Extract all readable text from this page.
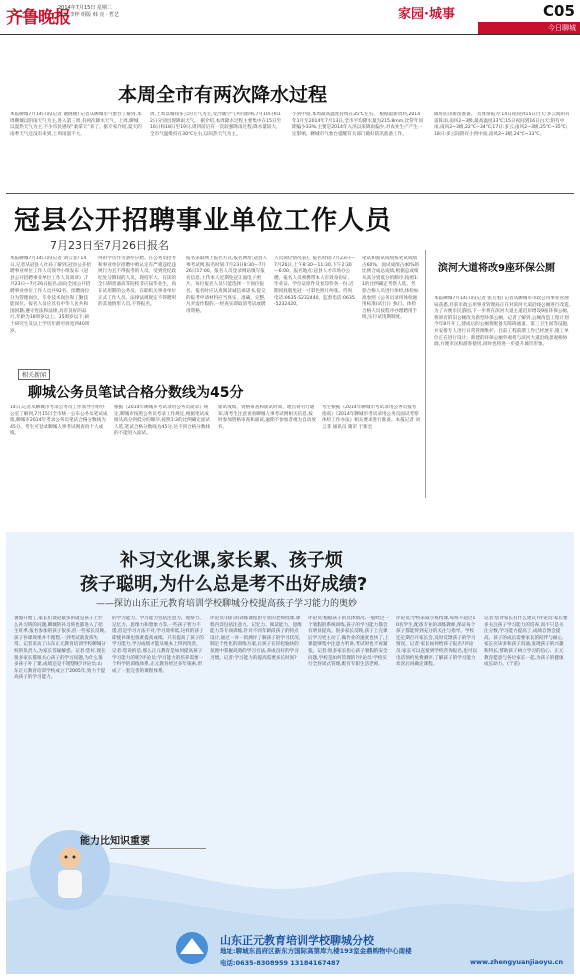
齐鲁晚报
2014年7月15日 星期二
编辑 李梓 组版 韩 亮 · 哲艺	家园·城事	C05
今日聊城
本周全市有两次降水过程
本报聊城7月14日讯(记者 谢晓丽) 记者从聊城市气象台了解到,本周聊城以阴雨天气为主,进入第三周,有两次降水天气。上周,聊城以湿热天气为主,不少市民感叹“桑拿天”来了。据专家介绍,夏天的雨季天气还没有来到,上周雨量不大,
周,上周以晴间多云的天气为主,受冷暖空气共同影响,7月10日和12日分别出现降雨天气。 据介绍,本周降水过程主要集中在15日至16日和18日至19日,周四前后有一次较强降雨过程,降水量较大,全市气温维持在30℃左右,以闷热天气为主。
小到中雨,本周最高温度持续在35℃左右。 根据最新资料,2014年1月至2014年7月13日,全市平均降水量为215.8mm,比常年同期偏少33%,主要是2014年入汛以来降雨偏少,对农业生产产生一定影响。聊城市气象台提醒有关部门做好防汛准备工作。
做好防汛排涝准备。 具体预报为:14日夜间到15日白天:多云间阴有雷阵雨,南风2~3级,最高温度33℃;15日夜间到16日白天:阴有中雨,南风2~3级,22℃~34℃;17日:多云,南风2~3级,25℃~35℃;18日:多云间阴有小到中雨,南风2~3级,24℃~33℃。
冠县公开招聘事业单位工作人员
7月23日至7月26日报名
本报聊城7月14日讯(记者 刘云菲) 14日,记者从冠县人社局了解到,冠县公开招聘事业单位工作人员领导小组发布《冠县公开招聘事业单位工作人员简章》,7月23日—7月26日报名,面向全国公开招聘事业单位工作人员共92名。招聘岗位分为管理岗位、专业技术岗位和工勤技能岗位。报名人员应具有中华人民共和国国籍,遵守宪法和法律,具有良好的品行,年龄为18周岁以上、35周岁以下,硕士研究生及以上学历年龄可放宽到40周岁。
得的学历作为条件应聘。在公务员招考和事业单位招聘中被认定有严重违纪违规行为且不得报考的人员、受到党纪政纪处分期间的人员、现役军人、在读的全日制普通高等院校非应届毕业生、尚在试用期的公务员、在职机关事业单位正式工作人员、法律法规规定不得聘用的其他情形人员,不得报名。
报名采取网上报名方式,报名网址:冠县人事考试网,报名时间:7月23日8:30—7月26日17:00。报名人员登录网站填写报名信息,上传本人近期免冠正面电子照片。每位报名人员只能选择一个岗位报名。报名时应认真阅读诚信承诺书,提交的报考申请材料应当真实、准确、完整,凡弄虚作假的,一经查实即取消考试或聘用资格。
人员岗位情况表)。报名时间:7月23日—7月26日,上午8:30—11:30,下午2:30—6:00。报名地点:冠县人才市场办公楼。报名人员须携带本人有效身份证、毕业证、学位证原件及复印件各一份,近期同底版免冠一寸彩色照片两张。咨询电话:0635-5232440。监督电话:0635-5232420。
笔试和面试成绩按笔试成绩占60%、面试成绩占40%的比例合成总成绩,根据总成绩从高分到低分的顺序,按照1:1的比例确定考察人选。考察合格人员进行体检,体检标准参照《公务员录用体检通用标准(试行)》执行。体检合格人员按程序办理聘用手续,实行试用期制度。
滨河大道将改9座环保公厕
本报聊城7月14日讯(记者 张召旭) 记者从聊城市市政公用事业管理局获悉,目前市政公用事业管理局正在对滨河大道沿线公厕进行改造,为了方便市民游园,下一步将在滨河大道主道沿岸增设9座环保公厕,将原有的旧公厕改为新型环保公厕。记者了解到,公厕改造工程计划今年8月开工,建成后的公厕将配备无障碍通道、第三卫生间等设施,并安排专人进行日常管理维护。目前工程前期工作已经展开,施工单位正在进行设计。新建的环保公厕外观将与滨河大道沿线景观相协调,方便市民和游客使用,同时也将进一步提升城市形象。
相关新闻
聊城公务员笔试合格分数线为45分
14日,记者从聊城市考录公务员工作领导小组办公室了解到,7月15日全市统一公布公务员笔试成绩,聊城市2014年考录公务员笔试合格分数线为45分。考生可登录聊城人事考试网查询个人成绩。
根据《2014年聊城市考试录用公务员简章》规定,聊城市按照公务员考录工作规定,根据笔试成绩从高分到低分的顺序,按照1:3的比例确定面试人选,笔试合格分数线为45分,达不到合格分数线的不能进入面试。
面试成绩、资格审查和面试时间、地点将另行通知,请考生注意查看聊城人事考试网相关信息,按时参加资格审查和面试,逾期不参加者视为自动放弃。
考生根据《2014年聊城市考试录用公务员报考指南》《2014年聊城市考试录用公务员面试考察体检工作办法》相关要求进行准备。本报记者 刘云菲 通讯员 冀军 于新宏
补习文化课,家长累、孩子烦
孩子聪明,为什么总是考不出好成绩?
——探访山东正元教育培训学校聊城分校提高孩子学习能力的奥妙
暑假开始了,家长们谈论最多的就是孩子上什么补习班的问题,聊城的补习班也都进入了招生旺季,报名参加的孩子很多,但一些家长反映,孩子补课效果并不理想,一到考试就发挥失常。记者采访了山东正元教育培训学校聊城分校的负责人,为家长答疑解惑。记者:您好,现在很多家长都很关心孩子的学习问题,为什么很多孩子补了课,成绩还是不理想呢?评论员:山东正元教育培训学校成立于2005年,致力于提高孩子的学习能力。
的学习能力。学习能力包括注意力、观察力、记忆力、思维力和想象力等,一些孩子智力不错,但是学习方法不对,学习效率低,这样的孩子即使补课也很难提高成绩。只有提高了孩子的学习能力,学习成绩才能从根本上得到改善。记者:您说的是,那么正元教育是如何提高孩子学习能力的呢?评论员:学习能力的培养需要一个科学的训练体系,正元教育经过多年探索,形成了一套完善的课程体系。
评论员:我们的训练课程由专业的老师授课,课程内容包括注意力、记忆力、阅读能力、思维能力等专项训练,针对不同年龄段孩子的特点设计,通过一对一的测评了解孩子的学习状况,制定个性化的训练方案,让孩子在轻松愉快的氛围中掌握高效的学习方法,养成良好的学习习惯。记者:学习能力的提高需要多长时间?
评论员:根据孩子的具体情况,一般经过一个暑假的系统训练,孩子的学习能力都会有明显提高。很多家长反映,孩子上完课后学习更主动了,做作业的速度也快了,上课能够集中注意力听讲,考试时也不再紧张。记者:很多家长担心孩子暑假的安全问题,学校是如何管理的?评论员:学校实行全封闭式管理,配有专职生活老师。
评论员:学校采取小班授课,每班不超过10名学生,配备专业的训练教师,保证每个孩子都能得到充分的关注与指导。学校还定期召开家长会,及时反馈孩子的学习情况。记者:家长如何给孩子报名?评论员:家长可以直接到学校咨询报名,也可以电话预约免费测评,了解孩子的学习能力状况后再确定课程。
记者:您对家长有什么建议?评论员:家长要多关注孩子学习能力的培养,而不只是关注分数,学习能力提高了,成绩自然会提高。孩子的成长需要家长的陪伴与耐心,家长应该多和孩子沟通,发现孩子的兴趣和特长,帮助孩子树立学习的信心。正元教育愿意与各位家长一起,为孩子的健康成长助力。(于苗)
能力比知识重要
山东正元教育培训学校聊城分校
地址:聊城东昌府区新东方国际高第库九楼193室金鼎购物中心南楼
电话:0635-8308959 13184167487	www.zhengyuanjiaoyu.cn
